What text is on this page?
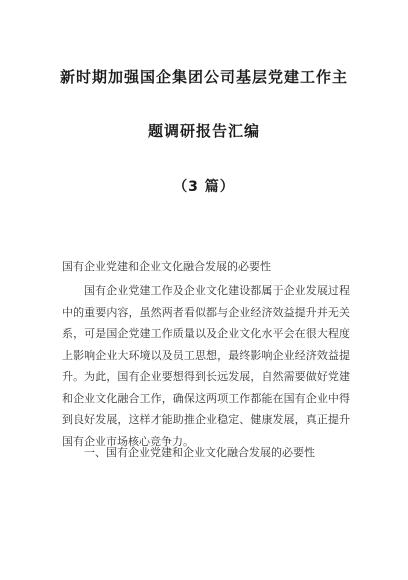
新时期加强国企集团公司基层党建工作主
题调研报告汇编
（3 篇）
国有企业党建和企业文化融合发展的必要性

国有企业党建工作及企业文化建设都属于企业发展过程中的重要内容，虽然两者看似都与企业经济效益提升并无关系，可是国企党建工作质量以及企业文化水平会在很大程度上影响企业大环境以及员工思想，最终影响企业经济效益提升。为此，国有企业要想得到长远发展，自然需要做好党建和企业文化融合工作，确保这两项工作都能在国有企业中得到良好发展，这样才能助推企业稳定、健康发展，真正提升国有企业市场核心竞争力。

一、国有企业党建和企业文化融合发展的必要性
